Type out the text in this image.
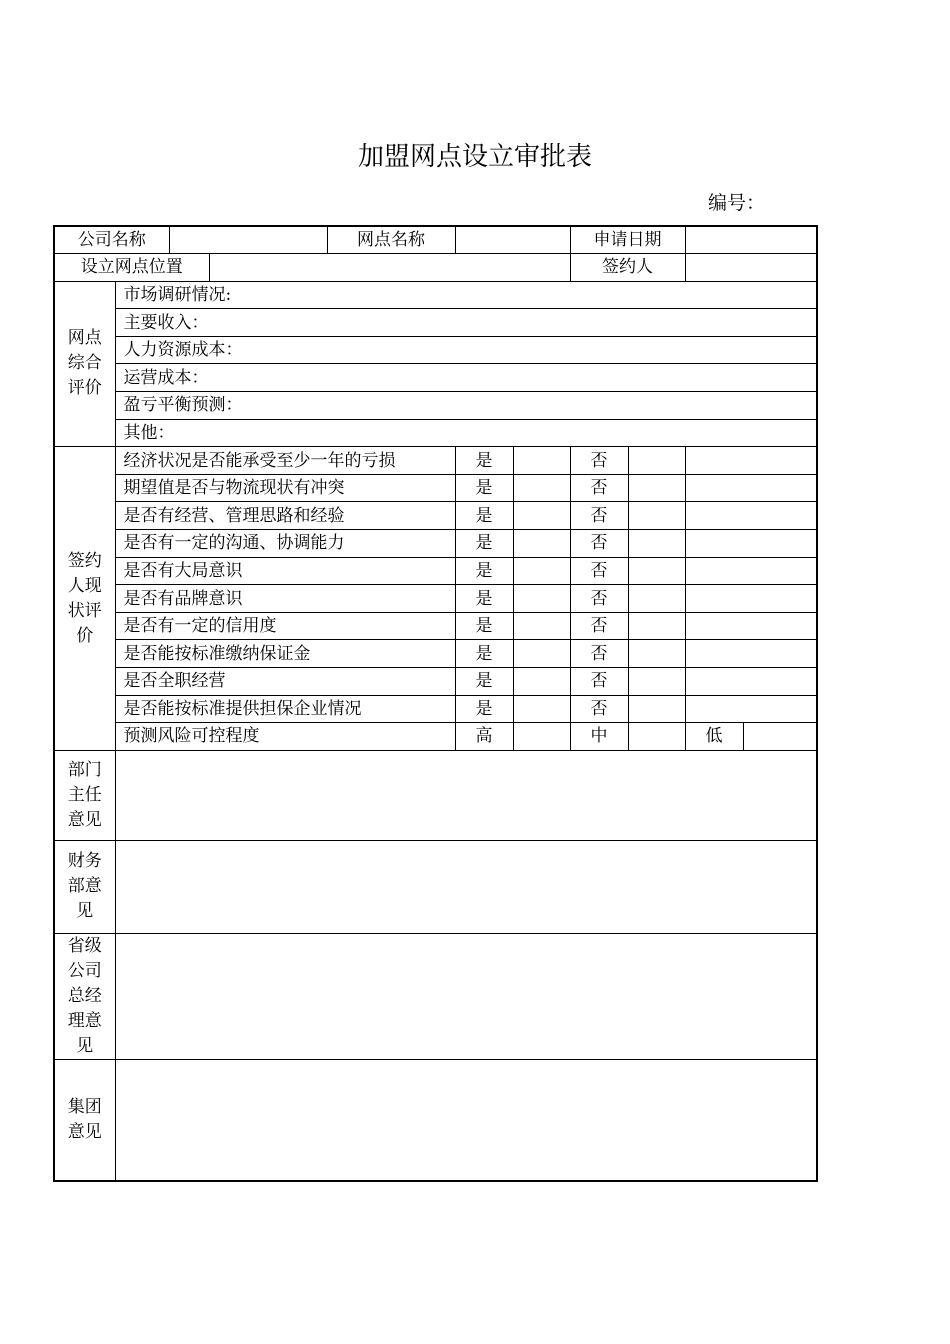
加盟网点设立审批表
编号：
公司名称				网点名称			申请日期			
设立网点位置							签约人			

网点
综合
评价	市场调研情况:									
	主要收入：									
	人力资源成本：									
	运营成本：									
	盈亏平衡预测：									
	其他：									

签约
人现
状评
价	经济状况是否能承受至少一年的亏损				是		否			
	期望值是否与物流现状有冲突				是		否			
	是否有经营、管理思路和经验				是		否			
	是否有一定的沟通、协调能力				是		否			
	是否有大局意识				是		否			
	是否有品牌意识				是		否			
	是否有一定的信用度				是		否			
	是否能按标准缴纳保证金				是		否			
	是否全职经营				是		否			
	是否能按标准提供担保企业情况				是		否			
	预测风险可控程度				高		中		低	

部门
主任
意见										

财务
部意
见										

省级
公司
总经
理意
见										

集团
意见										
